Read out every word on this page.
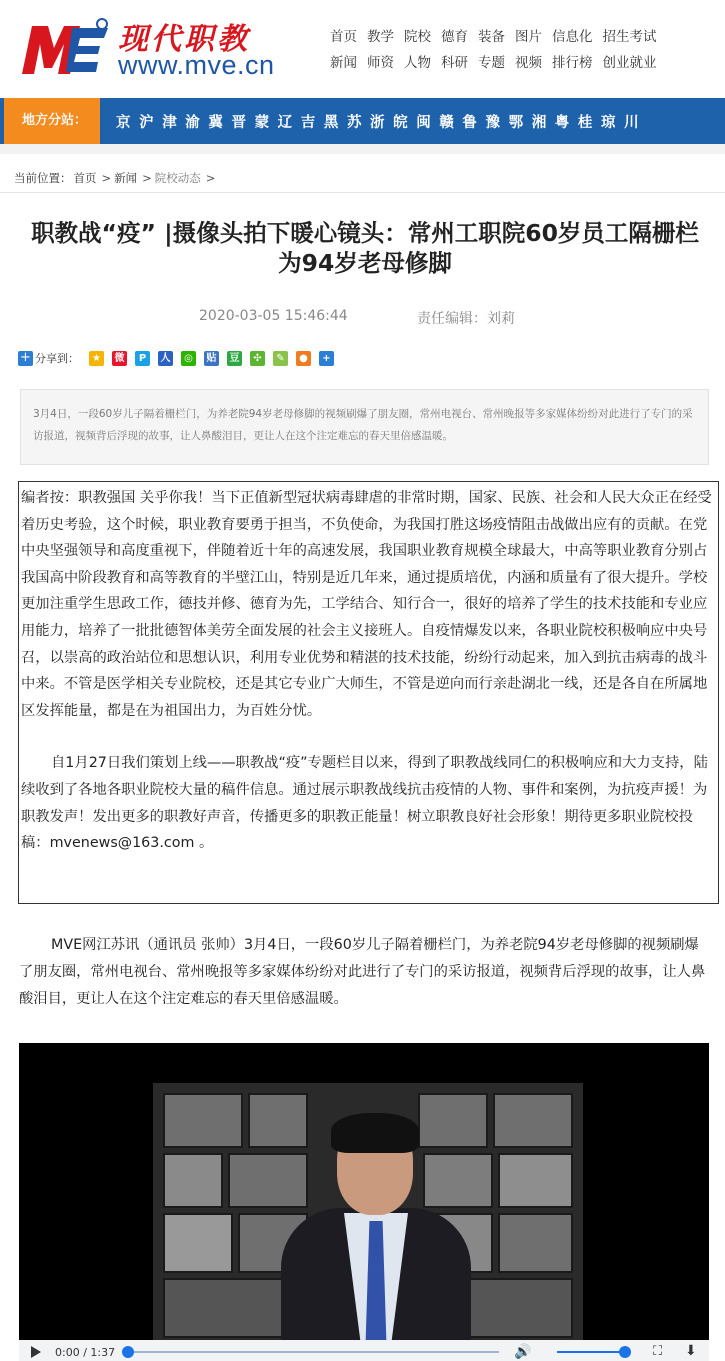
现代职教
www.mve.cn
首页 教学 院校 德育 装备 图片 信息化 招生考试
新闻 师资 人物 科研 专题 视频 排行榜 创业就业
地方分站：	京 沪 津 渝 冀 晋 蒙 辽 吉 黑 苏 浙 皖 闽 赣 鲁 豫 鄂 湘 粤 桂 琼 川
当前位置： 首页 > 新闻 > 院校动态 >
职教战“疫” |摄像头拍下暖心镜头：常州工职院60岁员工隔栅栏为94岁老母修脚
2020-03-05 15:46:44	责任编辑：刘莉
+ 分享到：	★	微	P	人	◎	贴 豆	✣	✎	●	+
3月4日，一段60岁儿子隔着栅栏门，为养老院94岁老母修脚的视频刷爆了朋友圈，常州电视台、常州晚报等多家媒体纷纷对此进行了专门的采访报道，视频背后浮现的故事，让人鼻酸泪目，更让人在这个注定难忘的春天里倍感温暖。

编者按：职教强国 关乎你我！当下正值新型冠状病毒肆虐的非常时期，国家、民族、社会和人民大众正在经受着历史考验，这个时候，职业教育要勇于担当，不负使命，为我国打胜这场疫情阻击战做出应有的贡献。在党中央坚强领导和高度重视下，伴随着近十年的高速发展，我国职业教育规模全球最大，中高等职业教育分别占我国高中阶段教育和高等教育的半壁江山，特别是近几年来，通过提质培优，内涵和质量有了很大提升。学校更加注重学生思政工作，德技并修、德育为先，工学结合、知行合一，很好的培养了学生的技术技能和专业应用能力，培养了一批批德智体美劳全面发展的社会主义接班人。自疫情爆发以来，各职业院校积极响应中央号召，以崇高的政治站位和思想认识，利用专业优势和精湛的技术技能，纷纷行动起来，加入到抗击病毒的战斗中来。不管是医学相关专业院校，还是其它专业广大师生，不管是逆向而行亲赴湖北一线，还是各自在所属地区发挥能量，都是在为祖国出力，为百姓分忧。

自1月27日我们策划上线——职教战“疫”专题栏目以来，得到了职教战线同仁的积极响应和大力支持，陆续收到了各地各职业院校大量的稿件信息。通过展示职教战线抗击疫情的人物、事件和案例，为抗疫声援！为职教发声！发出更多的职教好声音，传播更多的职教正能量！树立职教良好社会形象！期待更多职业院校投稿：mvenews@163.com 。

MVE网江苏讯（通讯员 张帅）3月4日，一段60岁儿子隔着栅栏门，为养老院94岁老母修脚的视频刷爆了朋友圈，常州电视台、常州晚报等多家媒体纷纷对此进行了专门的采访报道，视频背后浮现的故事，让人鼻酸泪目，更让人在这个注定难忘的春天里倍感温暖。

0:00 / 1:37	🔊	⛶ ⬇
